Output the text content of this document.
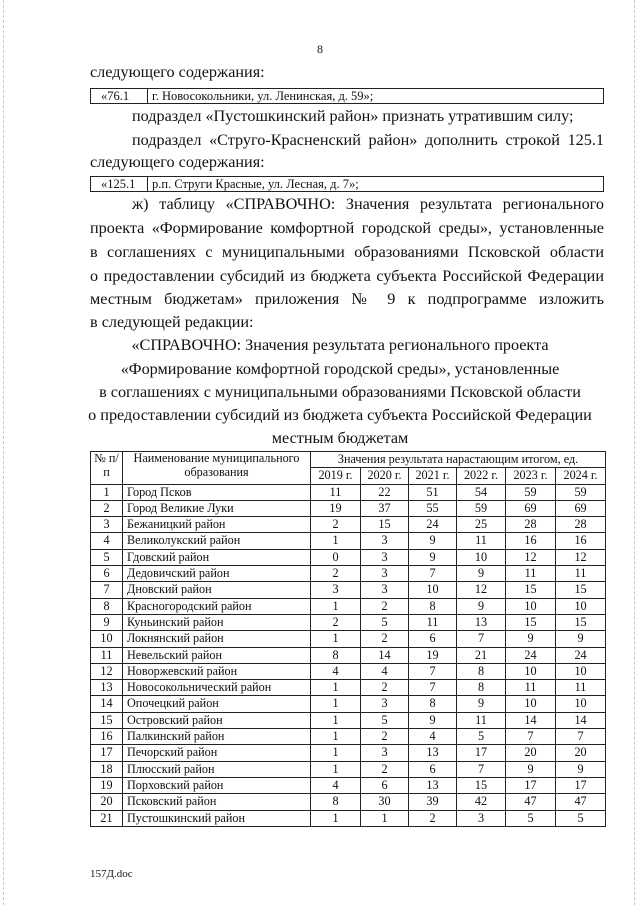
8
следующего содержания:
«76.1	г. Новосокольники, ул. Ленинская, д. 59»;
подраздел «Пустошкинский район» признать утратившим силу;
подраздел «Струго-Красненский район» дополнить строкой 125.1
следующего содержания:
«125.1	р.п. Струги Красные, ул. Лесная, д. 7»;
ж) таблицу «СПРАВОЧНО: Значения результата регионального
проекта «Формирование комфортной городской среды», установленные
в соглашениях с муниципальными образованиями Псковской области
о предоставлении субсидий из бюджета субъекта Российской Федерации
местным бюджетам» приложения № 9 к подпрограмме изложить
в следующей редакции:
«СПРАВОЧНО: Значения результата регионального проекта
«Формирование комфортной городской среды», установленные
в соглашениях с муниципальными образованиями Псковской области
о предоставлении субсидий из бюджета субъекта Российской Федерации
местным бюджетам
№ п/п	Наименование муниципального образования	Значения результата нарастающим итогом, ед.					
		2019 г.	2020 г.	2021 г.	2022 г.	2023 г.	2024 г.
1	Город Псков	11	22	51	54	59	59
2	Город Великие Луки	19	37	55	59	69	69
3	Бежаницкий район	2	15	24	25	28	28
4	Великолукский район	1	3	9	11	16	16
5	Гдовский район	0	3	9	10	12	12
6	Дедовичский район	2	3	7	9	11	11
7	Дновский район	3	3	10	12	15	15
8	Красногородский район	1	2	8	9	10	10
9	Куньинский район	2	5	11	13	15	15
10	Локнянский район	1	2	6	7	9	9
11	Невельский район	8	14	19	21	24	24
12	Новоржевский район	4	4	7	8	10	10
13	Новосокольнический район	1	2	7	8	11	11
14	Опочецкий район	1	3	8	9	10	10
15	Островский район	1	5	9	11	14	14
16	Палкинский район	1	2	4	5	7	7
17	Печорский район	1	3	13	17	20	20
18	Плюсский район	1	2	6	7	9	9
19	Порховский район	4	6	13	15	17	17
20	Псковский район	8	30	39	42	47	47
21	Пустошкинский район	1	1	2	3	5	5
157Д.doc
